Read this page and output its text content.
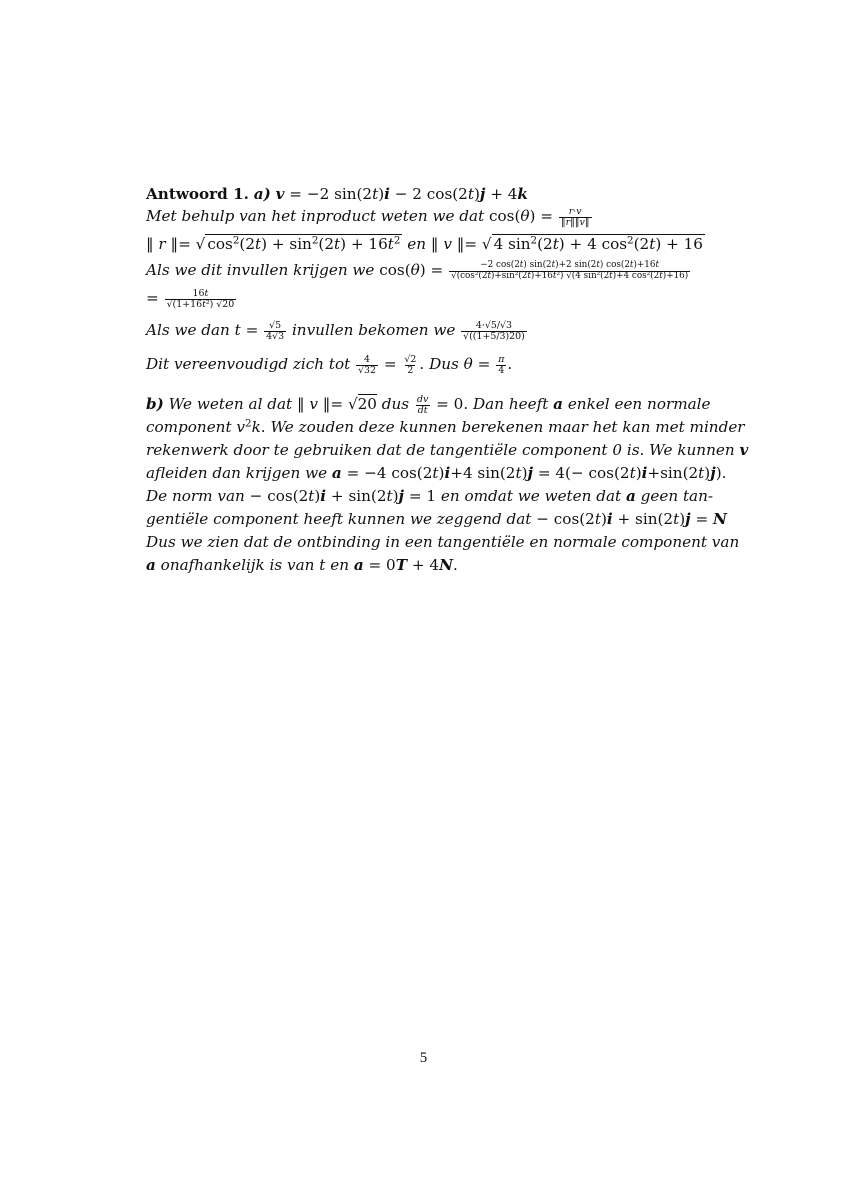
Antwoord 1. a) v = −2 sin(2t)i − 2 cos(2t)j + 4k
Met behulp van het inproduct weten we dat $\cos(\theta) = \frac{r\cdot v}{‖r‖‖v‖}$
‖ r ‖= √ $\cos^2(2t) + \sin^2(2t) + 16t^2$ en ‖ v ‖= √ 4 $\sin^2(2t) + 4$ $\cos^2(2t) + 16$
Als we dit invullen krijgen we $\cos(\theta) = \frac{-2 \cos(2t) \sin(2t)+2 \sin(2t) \cos(2t)+16t}{\text{√(cos²(2t)+sin²(2t)+16t²) √(4 sin²(2t)+4 cos²(2t)+16)}}$
= $\frac{16t}{\text{√(1+16t²) √20}}$
Als we dan $t = \frac{√5}{4√3}$ invullen bekomen we $\frac{4\cdot√5/√3}{√((1+5/3)20)}$
Dit vereenvoudigd zich tot $\frac{4}{√32} = \frac{√2}{2}$ . Dus $\theta = \frac{\pi}{4}$ .
b) We weten al dat ‖ v ‖= √20 dus $\frac{dv}{dt} = 0$. Dan heeft a enkel een normale
component $v^2k$. We zouden deze kunnen berekenen maar het kan met minder
rekenwerk door te gebruiken dat de tangentiële component 0 is. We kunnen v
afleiden dan krijgen we a = −4 cos(2t)i+4 sin(2t)j = 4(− cos(2t)i+sin(2t)j).
De norm van − cos(2t)i + sin(2t)j = 1 en omdat we weten dat a geen tan-
gentiële component heeft kunnen we zeggend dat − cos(2t)i + sin(2t)j = N
Dus we zien dat de ontbinding in een tangentiële en normale component van
a onafhankelijk is van t en a = 0T + 4N.
5
